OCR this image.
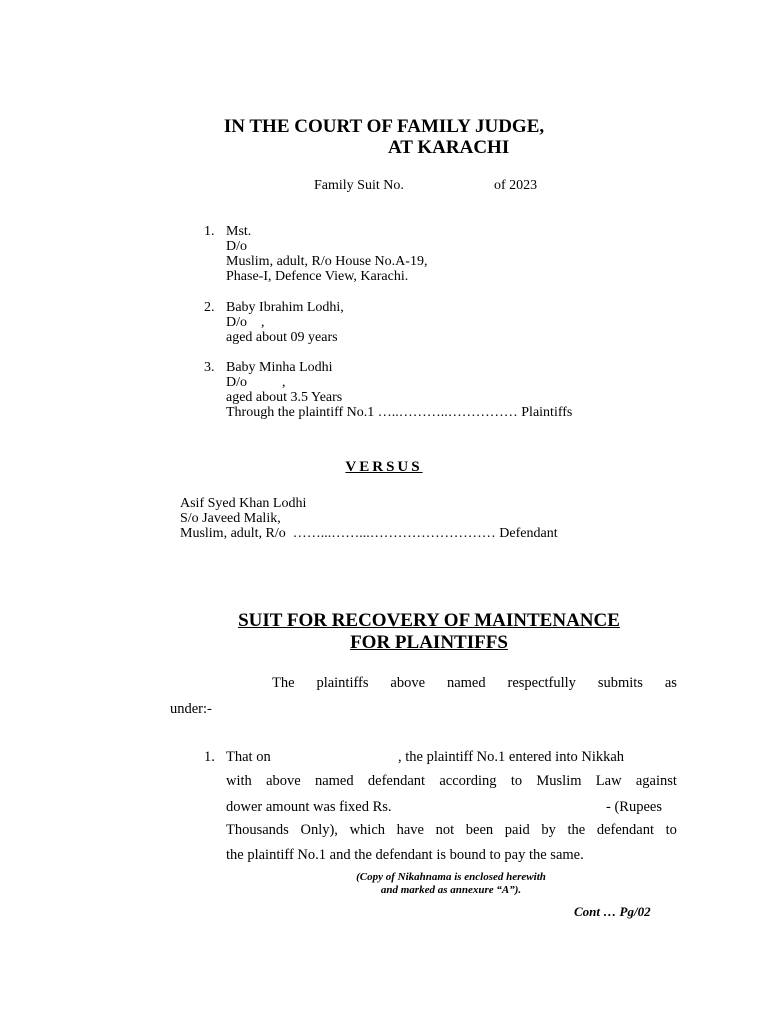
IN THE COURT OF FAMILY JUDGE,
AT KARACHI
Family Suit No.	of 2023
1. Mst.
D/o
Muslim, adult, R/o House No.A-19,
Phase-I, Defence View, Karachi.
2. Baby Ibrahim Lodhi,
D/o    ,
aged about 09 years
3. Baby Minha Lodhi
D/o          ,
aged about 3.5 Years
Through the plaintiff No.1 …..………..…………… Plaintiffs
VERSUS
Asif Syed Khan Lodhi
S/o Javeed Malik,
Muslim, adult, R/o  ……...……...……………………… Defendant
SUIT FOR RECOVERY OF MAINTENANCE
FOR PLAINTIFFS
The plaintiffs above named respectfully submits as
under:-
1. That on	, the plaintiff No.1 entered into Nikkah
with above named defendant according to Muslim Law against
dower amount was fixed Rs.	- (Rupees
Thousands Only), which have not been paid by the defendant to
the plaintiff No.1 and the defendant is bound to pay the same.
(Copy of Nikahnama is enclosed herewith
and marked as annexure “A”).
Cont … Pg/02
